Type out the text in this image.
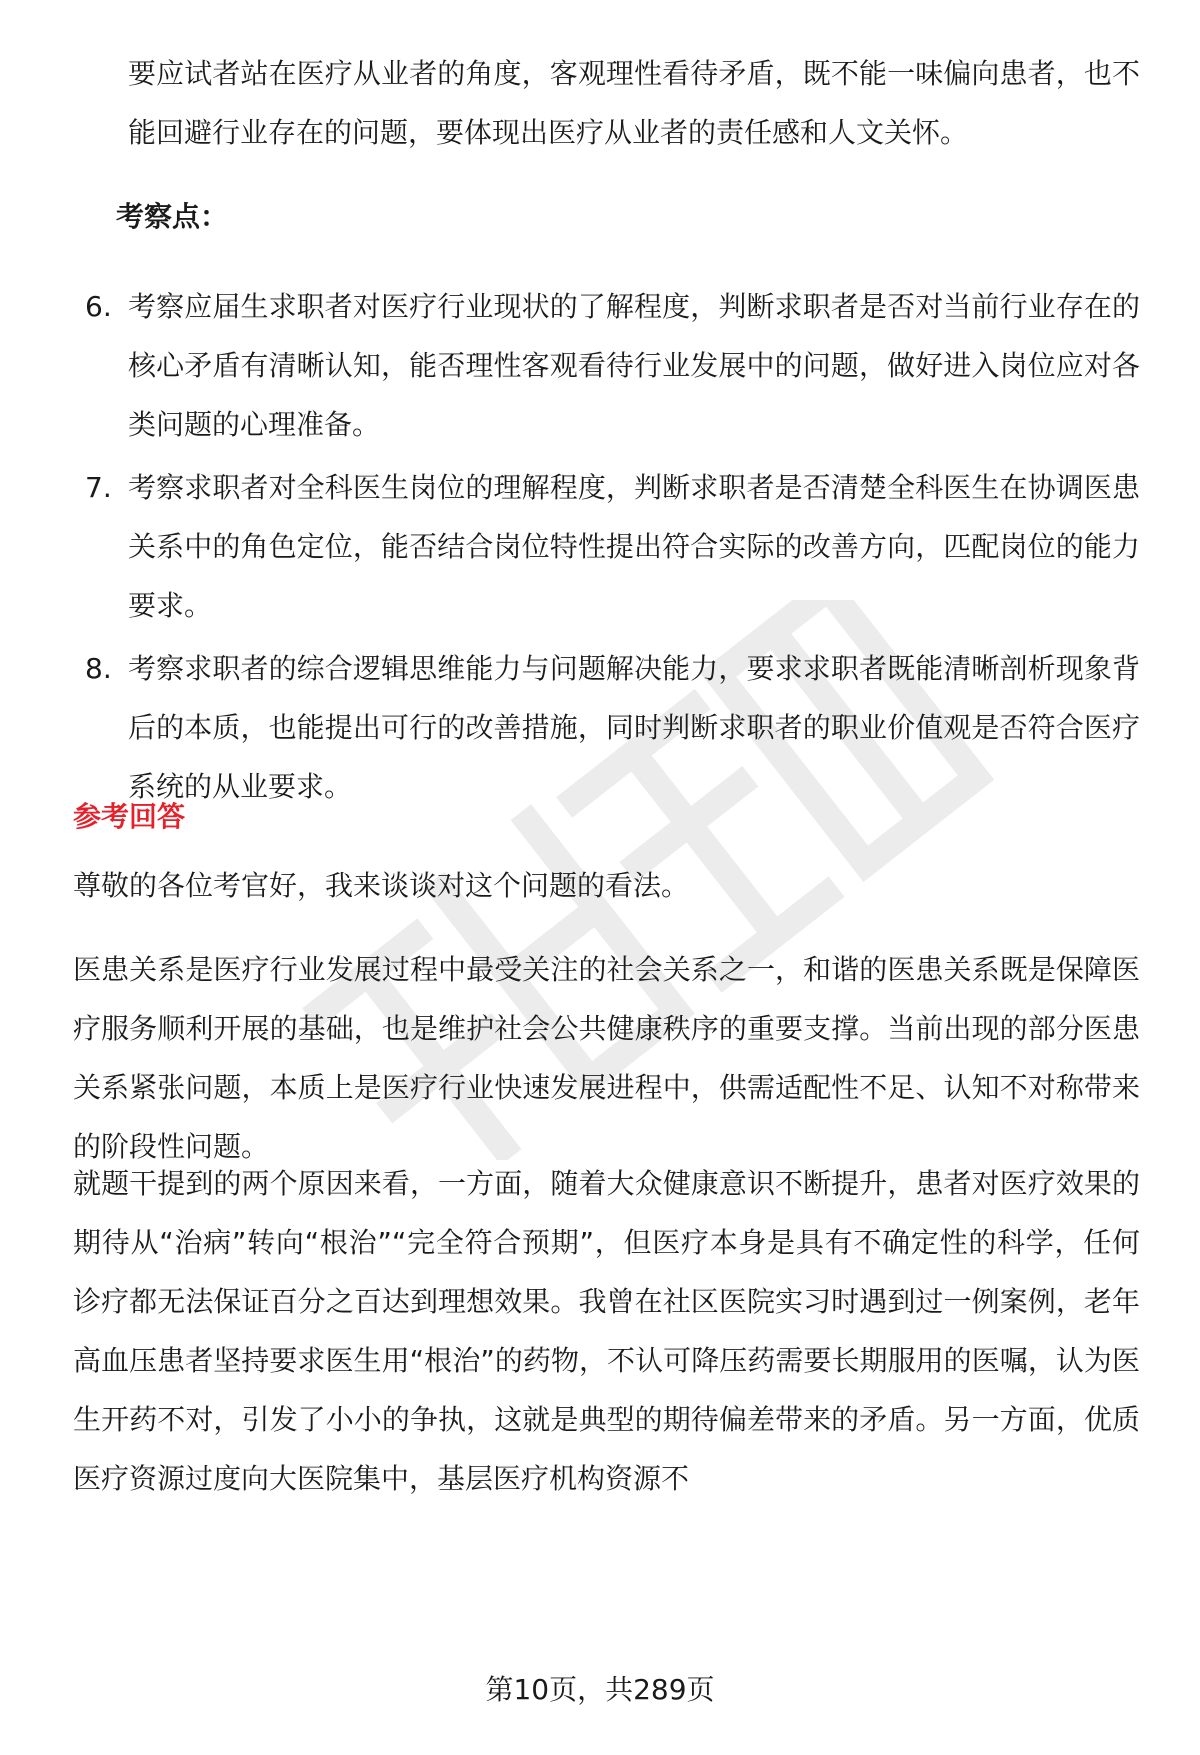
要应试者站在医疗从业者的角度，客观理性看待矛盾，既不能一味偏向患者，也不能回避行业存在的问题，要体现出医疗从业者的责任感和人文关怀。

考察点：
6. 考察应届生求职者对医疗行业现状的了解程度，判断求职者是否对当前行业存在的核心矛盾有清晰认知，能否理性客观看待行业发展中的问题，做好进入岗位应对各类问题的心理准备。
7. 考察求职者对全科医生岗位的理解程度，判断求职者是否清楚全科医生在协调医患关系中的角色定位，能否结合岗位特性提出符合实际的改善方向，匹配岗位的能力要求。
8. 考察求职者的综合逻辑思维能力与问题解决能力，要求求职者既能清晰剖析现象背后的本质，也能提出可行的改善措施，同时判断求职者的职业价值观是否符合医疗系统的从业要求。
参考回答

尊敬的各位考官好，我来谈谈对这个问题的看法。

医患关系是医疗行业发展过程中最受关注的社会关系之一，和谐的医患关系既是保障医疗服务顺利开展的基础，也是维护社会公共健康秩序的重要支撑。当前出现的部分医患关系紧张问题，本质上是医疗行业快速发展进程中，供需适配性不足、认知不对称带来的阶段性问题。

就题干提到的两个原因来看，一方面，随着大众健康意识不断提升，患者对医疗效果的期待从“治病”转向“根治”“完全符合预期”，但医疗本身是具有不确定性的科学，任何诊疗都无法保证百分之百达到理想效果。我曾在社区医院实习时遇到过一例案例，老年高血压患者坚持要求医生用“根治”的药物，不认可降压药需要长期服用的医嘱，认为医生开药不对，引发了小小的争执，这就是典型的期待偏差带来的矛盾。另一方面，优质医疗资源过度向大医院集中，基层医疗机构资源不

第10页，共289页
